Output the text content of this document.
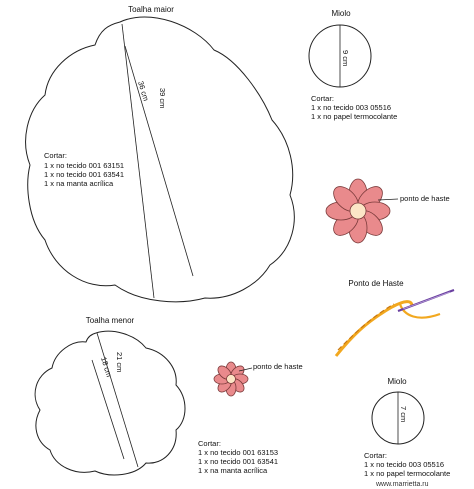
Toalha maior
39 cm
36 cm
Cortar:
1 x no tecido 001 63151
1 x no tecido 001 63541
1 x na manta acrílica
Miolo
9 cm
Cortar:
1 x no tecido 003 05516
1 x no papel termocolante
ponto de haste
Ponto de Haste
Toalha menor
21 cm
18 cm
Cortar:
1 x no tecido 001 63153
1 x no tecido 001 63541
1 x na manta acrílica
ponto de haste
Miolo
7 cm
Cortar:
1 x no tecido 003 05516
1 x no papel termocolante
www.marrietta.ru
